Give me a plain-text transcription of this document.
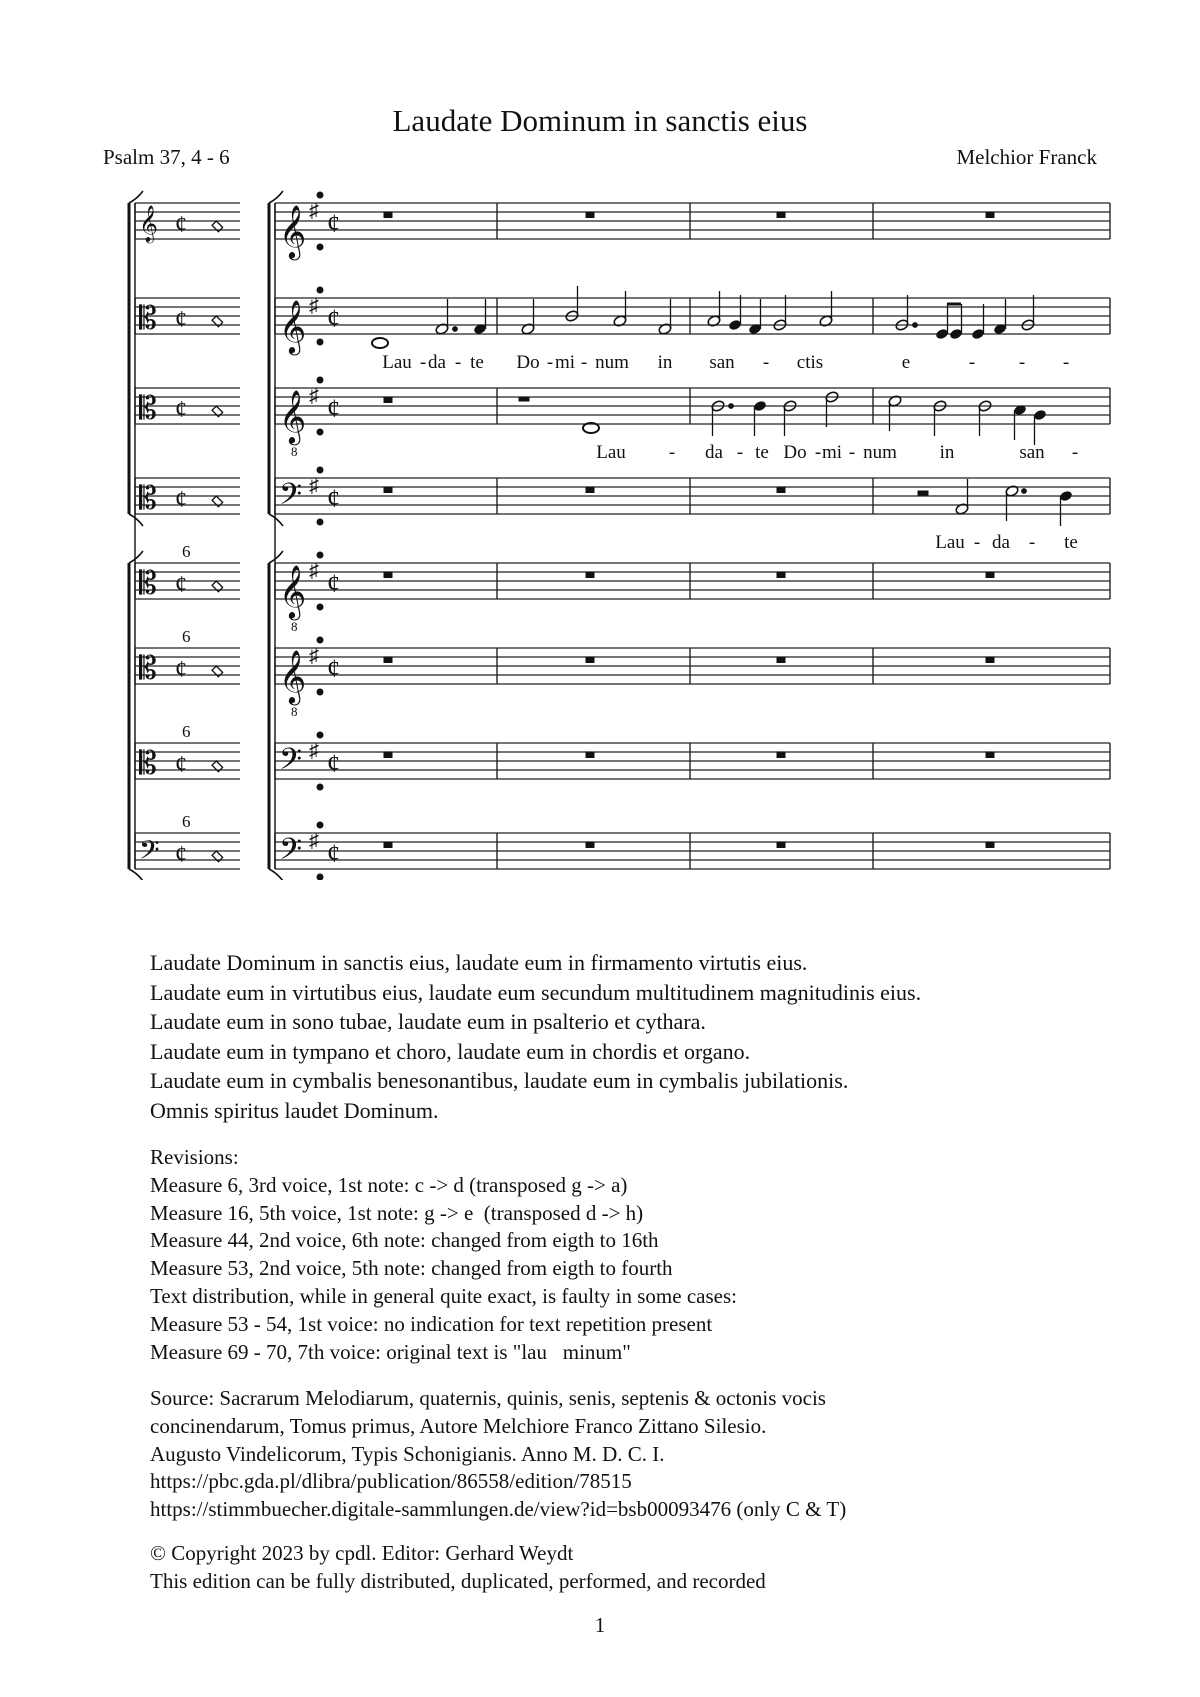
Laudate Dominum in sanctis eius
Psalm 37, 4 - 6	Melchior Franck
𝄞 ♯ ¢
𝄞 ¢
𝄞 ♯ ¢
𝄡 ¢
𝄞 ♯ ¢
𝄡 ¢
𝄢 ♯ ¢
𝄡 ¢
𝄞 ♯ ¢
𝄡 ¢
𝄞 ♯ ¢
𝄡 ¢
𝄢 ♯ ¢
𝄡 ¢
𝄢 ♯ ¢
𝄢 ¢
8
8
8
6
6
6
6
Lau - da - te Do - mi - num in san - ctis	e	- - -
Lau - da - te Do - mi - num in	san -
Lau - da - te
Laudate Dominum in sanctis eius, laudate eum in firmamento virtutis eius.
Laudate eum in virtutibus eius, laudate eum secundum multitudinem magnitudinis eius.
Laudate eum in sono tubae, laudate eum in psalterio et cythara.
Laudate eum in tympano et choro, laudate eum in chordis et organo.
Laudate eum in cymbalis benesonantibus, laudate eum in cymbalis jubilationis.
Omnis spiritus laudet Dominum.
Revisions:
Measure 6, 3rd voice, 1st note: c -> d (transposed g -> a)
Measure 16, 5th voice, 1st note: g -> e  (transposed d -> h)
Measure 44, 2nd voice, 6th note: changed from eigth to 16th
Measure 53, 2nd voice, 5th note: changed from eigth to fourth
Text distribution, while in general quite exact, is faulty in some cases:
Measure 53 - 54, 1st voice: no indication for text repetition present
Measure 69 - 70, 7th voice: original text is "lau   minum"
Source: Sacrarum Melodiarum, quaternis, quinis, senis, septenis & octonis vocis
concinendarum, Tomus primus, Autore Melchiore Franco Zittano Silesio.
Augusto Vindelicorum, Typis Schonigianis. Anno M. D. C. I.
https://pbc.gda.pl/dlibra/publication/86558/edition/78515
https://stimmbuecher.digitale-sammlungen.de/view?id=bsb00093476 (only C & T)
© Copyright 2023 by cpdl. Editor: Gerhard Weydt
This edition can be fully distributed, duplicated, performed, and recorded
1
